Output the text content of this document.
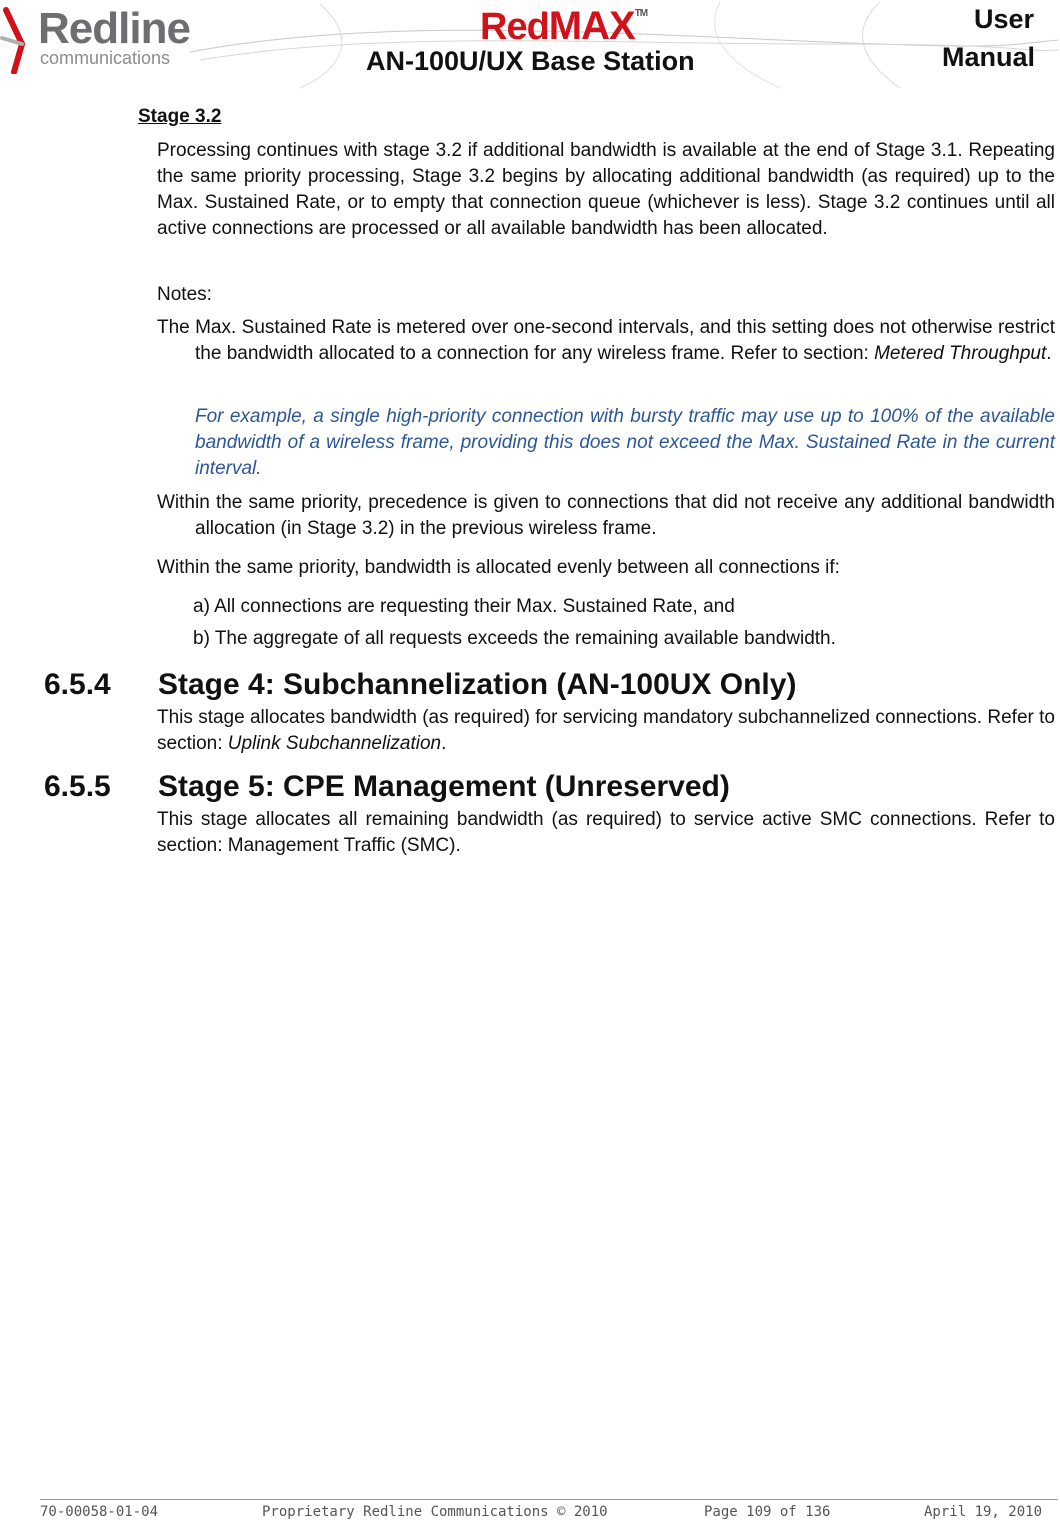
Redline
communications
RedMAX™
AN-100U/UX Base Station
User
Manual
Stage 3.2
Processing continues with stage 3.2 if additional bandwidth is available at the end of Stage 3.1. Repeating the same priority processing, Stage 3.2 begins by allocating additional bandwidth (as required) up to the Max. Sustained Rate, or to empty that connection queue (whichever is less). Stage 3.2 continues until all active connections are processed or all available bandwidth has been allocated.
Notes:
The Max. Sustained Rate is metered over one-second intervals, and this setting does not otherwise restrict the bandwidth allocated to a connection for any wireless frame. Refer to section: Metered Throughput.
For example, a single high-priority connection with bursty traffic may use up to 100% of the available bandwidth of a wireless frame, providing this does not exceed the Max. Sustained Rate in the current interval.
Within the same priority, precedence is given to connections that did not receive any additional bandwidth allocation (in Stage 3.2) in the previous wireless frame.
Within the same priority, bandwidth is allocated evenly between all connections if:
a) All connections are requesting their Max. Sustained Rate, and
b) The aggregate of all requests exceeds the remaining available bandwidth.
6.5.4 Stage 4: Subchannelization (AN-100UX Only)
This stage allocates bandwidth (as required) for servicing mandatory subchannelized connections. Refer to section: Uplink Subchannelization.
6.5.5 Stage 5: CPE Management (Unreserved)
This stage allocates all remaining bandwidth (as required) to service active SMC connections. Refer to section: Management Traffic (SMC).
70-00058-01-04	Proprietary Redline Communications © 2010	Page 109 of 136	April 19, 2010
